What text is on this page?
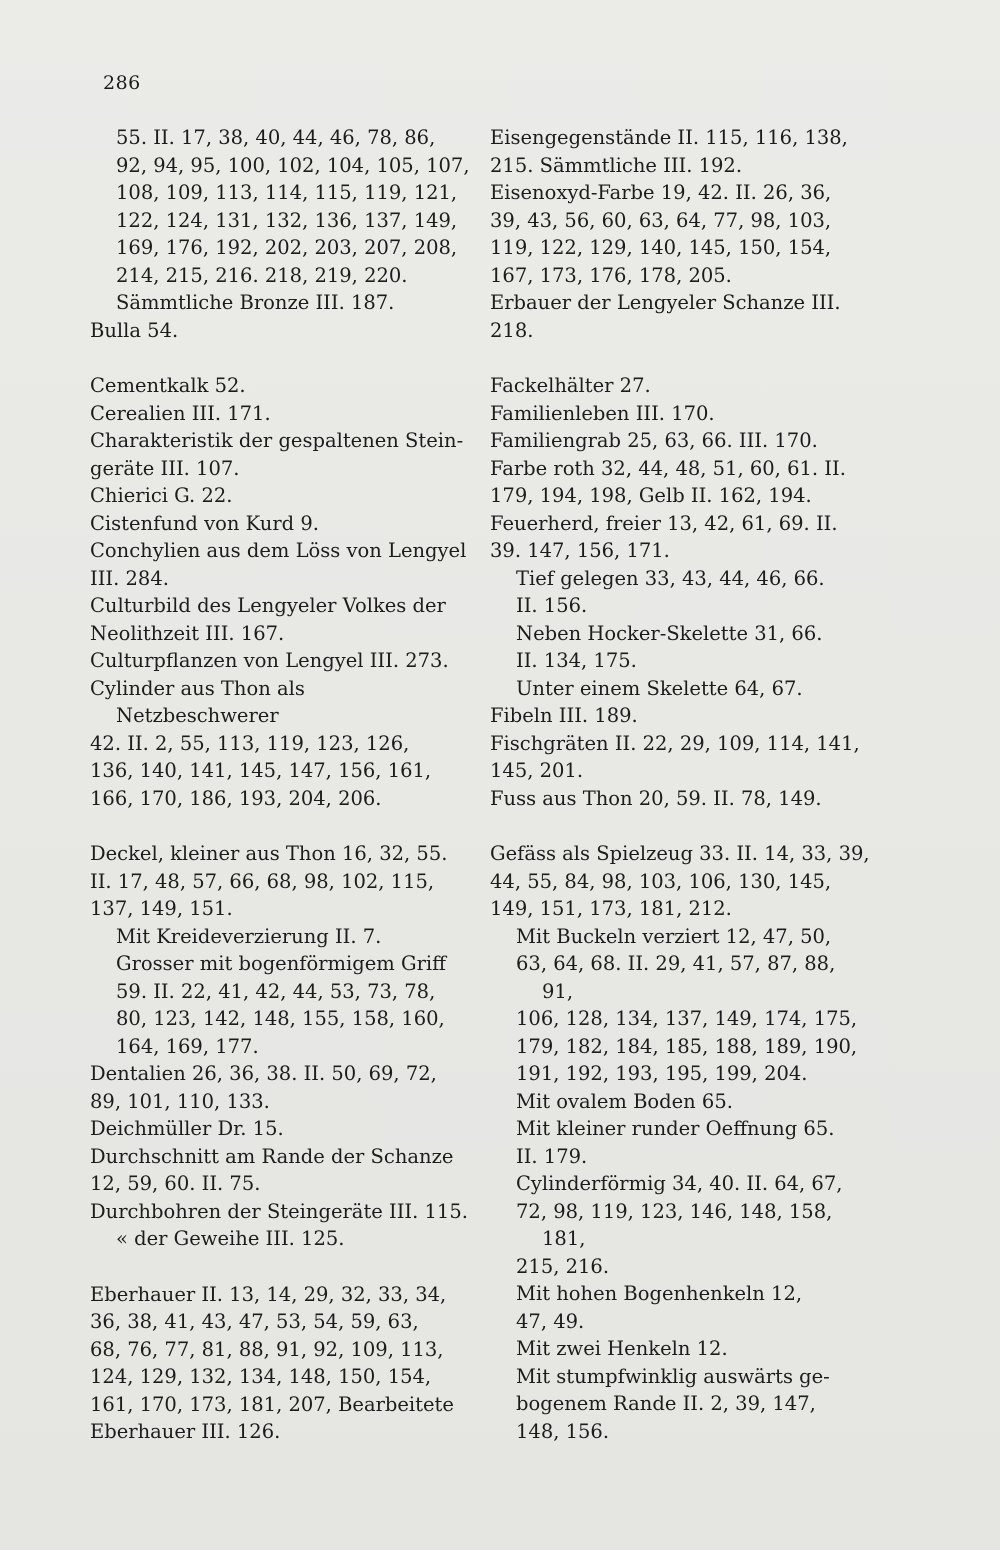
286
55. II. 17, 38, 40, 44, 46, 78, 86,
92, 94, 95, 100, 102, 104, 105, 107,
108, 109, 113, 114, 115, 119, 121,
122, 124, 131, 132, 136, 137, 149,
169, 176, 192, 202, 203, 207, 208,
214, 215, 216. 218, 219, 220.
Sämmtliche Bronze III. 187.
Bulla 54.
Cementkalk 52.
Cerealien III. 171.
Charakteristik der gespaltenen Stein-
geräte III. 107.
Chierici G. 22.
Cistenfund von Kurd 9.
Conchylien aus dem Löss von Lengyel
III. 284.
Culturbild des Lengyeler Volkes der
Neolithzeit III. 167.
Culturpflanzen von Lengyel III. 273.
Cylinder aus Thon als Netzbeschwerer
42. II. 2, 55, 113, 119, 123, 126,
136, 140, 141, 145, 147, 156, 161,
166, 170, 186, 193, 204, 206.
Deckel, kleiner aus Thon 16, 32, 55.
II. 17, 48, 57, 66, 68, 98, 102, 115,
137, 149, 151.
Mit Kreideverzierung II. 7.
Grosser mit bogenförmigem Griff
59. II. 22, 41, 42, 44, 53, 73, 78,
80, 123, 142, 148, 155, 158, 160,
164, 169, 177.
Dentalien 26, 36, 38. II. 50, 69, 72,
89, 101, 110, 133.
Deichmüller Dr. 15.
Durchschnitt am Rande der Schanze
12, 59, 60. II. 75.
Durchbohren der Steingeräte III. 115.
« der Geweihe III. 125.
Eberhauer II. 13, 14, 29, 32, 33, 34,
36, 38, 41, 43, 47, 53, 54, 59, 63,
68, 76, 77, 81, 88, 91, 92, 109, 113,
124, 129, 132, 134, 148, 150, 154,
161, 170, 173, 181, 207, Bearbeitete
Eberhauer III. 126.
Eisengegenstände II. 115, 116, 138,
215. Sämmtliche III. 192.
Eisenoxyd-Farbe 19, 42. II. 26, 36,
39, 43, 56, 60, 63, 64, 77, 98, 103,
119, 122, 129, 140, 145, 150, 154,
167, 173, 176, 178, 205.
Erbauer der Lengyeler Schanze III.
218.
Fackelhälter 27.
Familienleben III. 170.
Familiengrab 25, 63, 66. III. 170.
Farbe roth 32, 44, 48, 51, 60, 61. II.
179, 194, 198, Gelb II. 162, 194.
Feuerherd, freier 13, 42, 61, 69. II.
39. 147, 156, 171.
Tief gelegen 33, 43, 44, 46, 66.
II. 156.
Neben Hocker-Skelette 31, 66.
II. 134, 175.
Unter einem Skelette 64, 67.
Fibeln III. 189.
Fischgräten II. 22, 29, 109, 114, 141,
145, 201.
Fuss aus Thon 20, 59. II. 78, 149.
Gefäss als Spielzeug 33. II. 14, 33, 39,
44, 55, 84, 98, 103, 106, 130, 145,
149, 151, 173, 181, 212.
Mit Buckeln verziert 12, 47, 50,
63, 64, 68. II. 29, 41, 57, 87, 88, 91,
106, 128, 134, 137, 149, 174, 175,
179, 182, 184, 185, 188, 189, 190,
191, 192, 193, 195, 199, 204.
Mit ovalem Boden 65.
Mit kleiner runder Oeffnung 65.
II. 179.
Cylinderförmig 34, 40. II. 64, 67,
72, 98, 119, 123, 146, 148, 158, 181,
215, 216.
Mit hohen Bogenhenkeln 12,
47, 49.
Mit zwei Henkeln 12.
Mit stumpfwinklig auswärts ge-
bogenem Rande II. 2, 39, 147,
148, 156.
